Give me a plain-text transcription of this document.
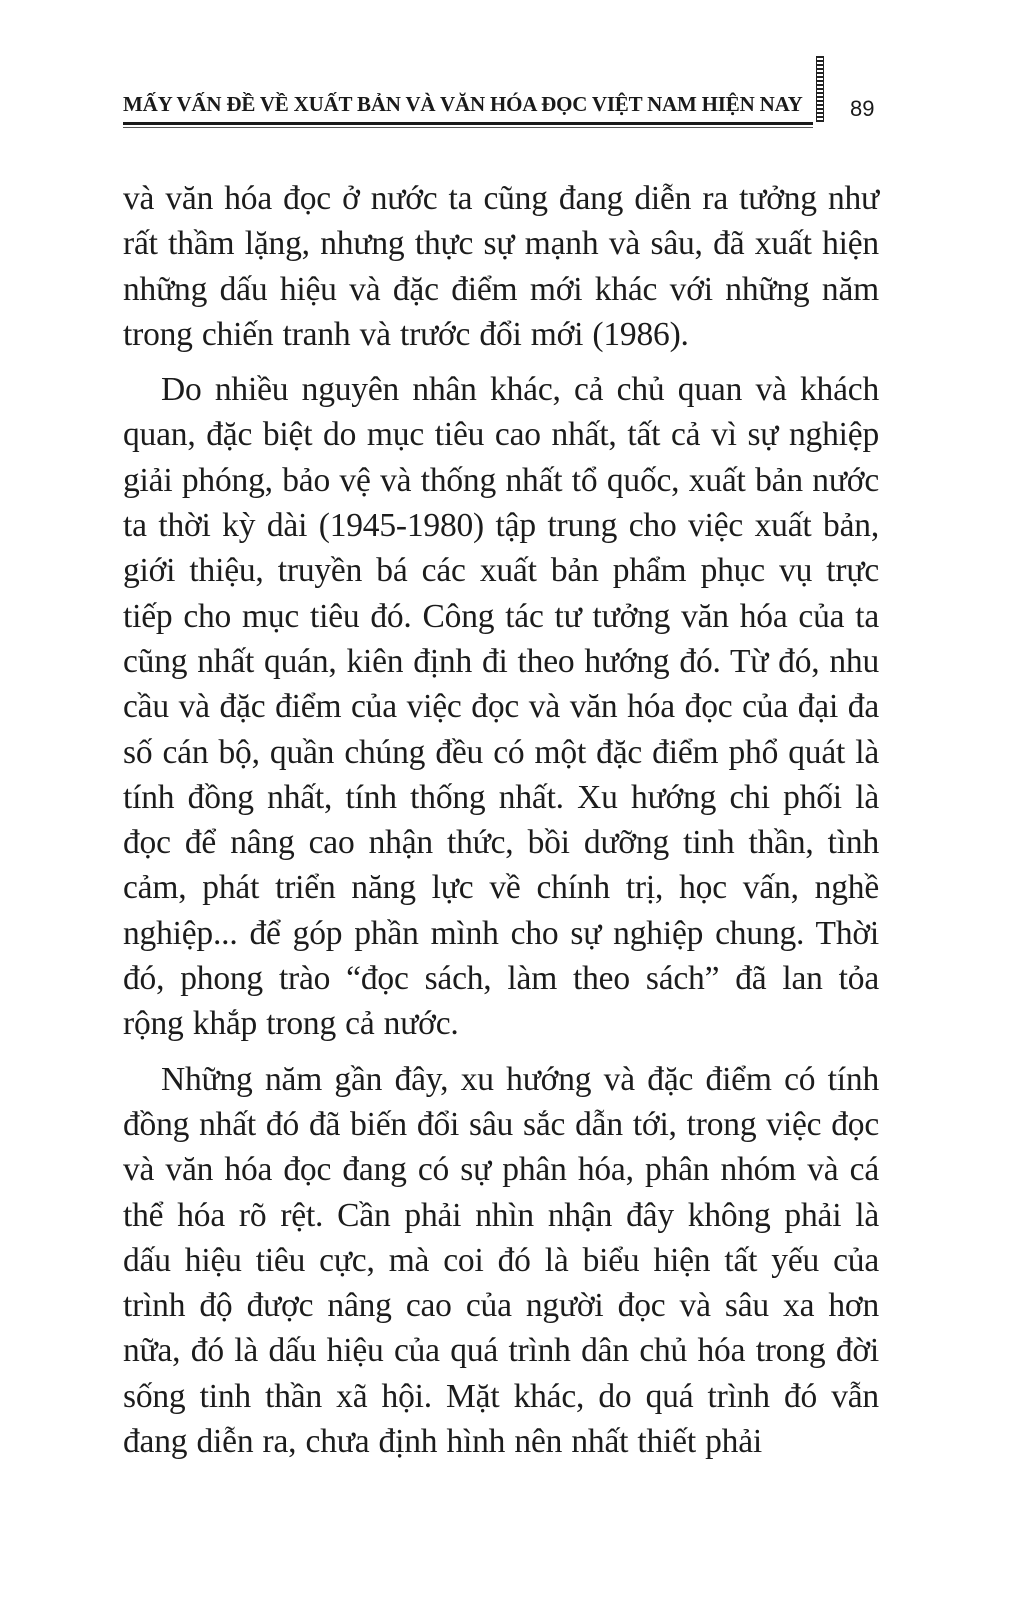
MẤY VẤN ĐỀ VỀ XUẤT BẢN VÀ VĂN HÓA ĐỌC VIỆT NAM HIỆN NAY 89

và văn hóa đọc ở nước ta cũng đang diễn ra tưởng như rất thầm lặng, nhưng thực sự mạnh và sâu, đã xuất hiện những dấu hiệu và đặc điểm mới khác với những năm trong chiến tranh và trước đổi mới (1986).

Do nhiều nguyên nhân khác, cả chủ quan và khách quan, đặc biệt do mục tiêu cao nhất, tất cả vì sự nghiệp giải phóng, bảo vệ và thống nhất tổ quốc, xuất bản nước ta thời kỳ dài (1945-1980) tập trung cho việc xuất bản, giới thiệu, truyền bá các xuất bản phẩm phục vụ trực tiếp cho mục tiêu đó. Công tác tư tưởng văn hóa của ta cũng nhất quán, kiên định đi theo hướng đó. Từ đó, nhu cầu và đặc điểm của việc đọc và văn hóa đọc của đại đa số cán bộ, quần chúng đều có một đặc điểm phổ quát là tính đồng nhất, tính thống nhất. Xu hướng chi phối là đọc để nâng cao nhận thức, bồi dưỡng tinh thần, tình cảm, phát triển năng lực về chính trị, học vấn, nghề nghiệp... để góp phần mình cho sự nghiệp chung. Thời đó, phong trào “đọc sách, làm theo sách” đã lan tỏa rộng khắp trong cả nước.

Những năm gần đây, xu hướng và đặc điểm có tính đồng nhất đó đã biến đổi sâu sắc dẫn tới, trong việc đọc và văn hóa đọc đang có sự phân hóa, phân nhóm và cá thể hóa rõ rệt. Cần phải nhìn nhận đây không phải là dấu hiệu tiêu cực, mà coi đó là biểu hiện tất yếu của trình độ được nâng cao của người đọc và sâu xa hơn nữa, đó là dấu hiệu của quá trình dân chủ hóa trong đời sống tinh thần xã hội. Mặt khác, do quá trình đó vẫn đang diễn ra, chưa định hình nên nhất thiết phải
